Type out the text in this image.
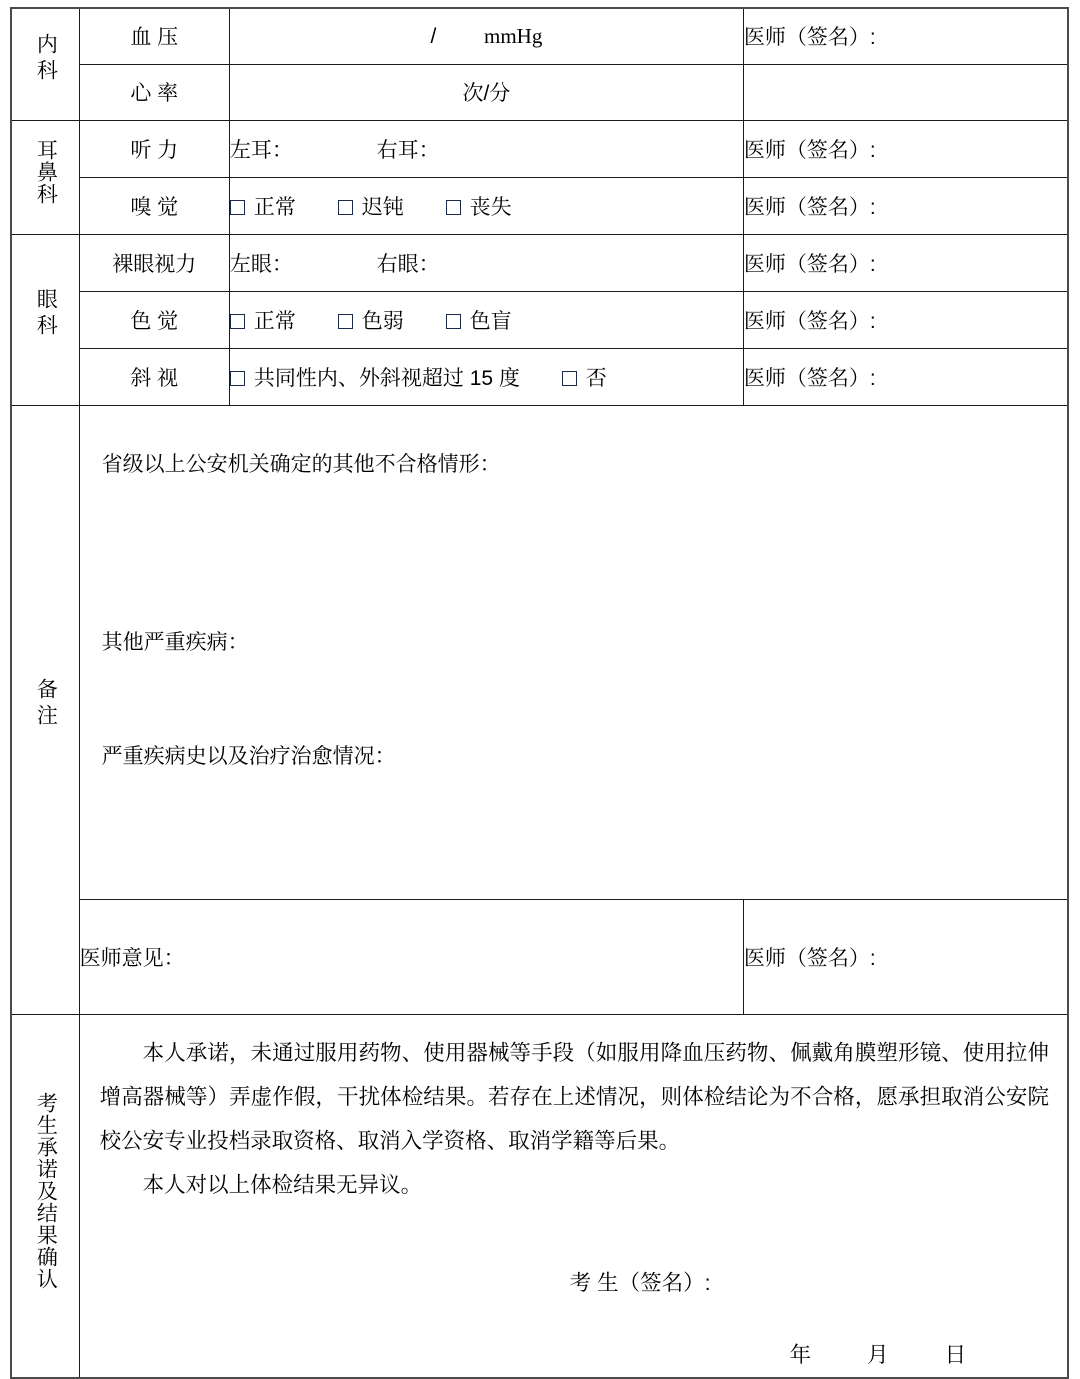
内科	血 压	/ mmHg	医师（签名）:
	心 率	次/分	
耳鼻科	听 力	左耳： 右耳：	医师（签名）:
	嗅 觉	正常 迟钝 丧失	医师（签名）:
眼科	裸眼视力	左眼： 右眼：	医师（签名）:
	色 觉	正常 色弱 色盲	医师（签名）:
	斜 视	共同性内、外斜视超过 15 度 否	医师（签名）:
备注	省级以上公安机关确定的其他不合格情形：
其他严重疾病：
严重疾病史以及治疗治愈情况：		

	医师意见：		医师（签名）:
考生承诺及结果确认	本人承诺，未通过服用药物、使用器械等手段（如服用降血压药物、佩戴角膜塑形镜、使用拉伸增高器械等）弄虚作假，干扰体检结果。若存在上述情况，则体检结论为不合格，愿承担取消公安院校公安专业投档录取资格、取消入学资格、取消学籍等后果。

本人对以上体检结果无异议。

考 生（签名）:
年 月 日		
